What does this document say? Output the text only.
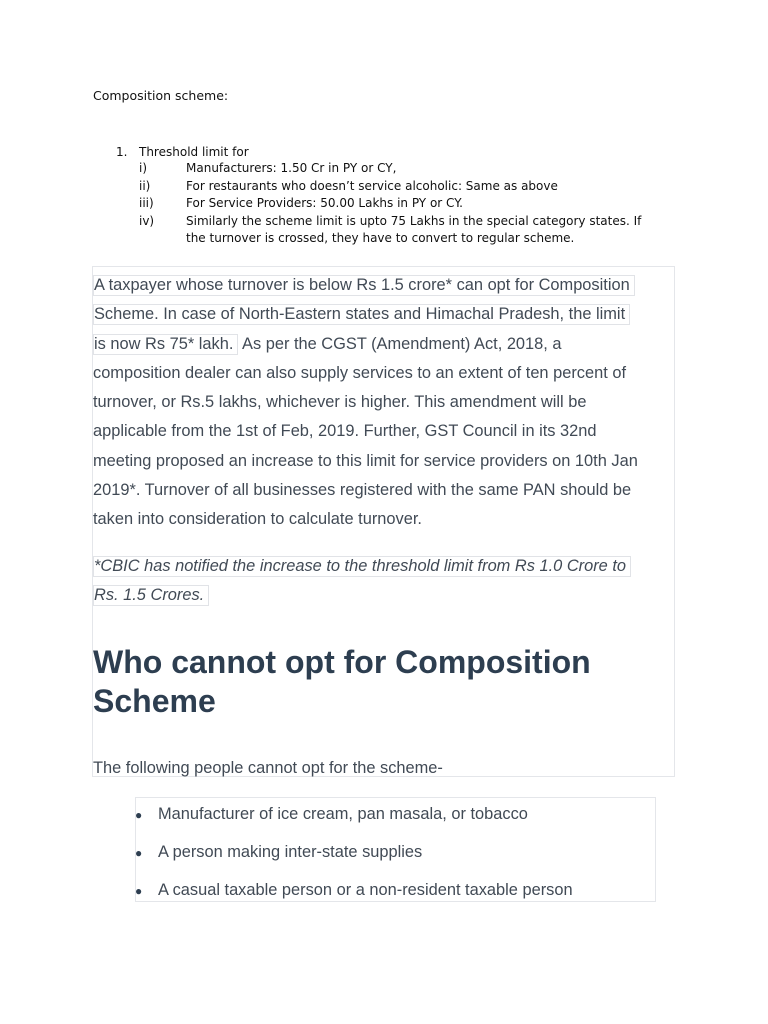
Composition scheme:
1. Threshold limit for
i)	Manufacturers: 1.50 Cr in PY or CY,
ii)	For restaurants who doesn’t service alcoholic: Same as above
iii)	For Service Providers: 50.00 Lakhs in PY or CY.
iv)	Similarly the scheme limit is upto 75 Lakhs in the special category states. If the turnover is crossed, they have to convert to regular scheme.
A taxpayer whose turnover is below Rs 1.5 crore* can opt for Composition
Scheme. In case of North-Eastern states and Himachal Pradesh, the limit
is now Rs 75* lakh. As per the CGST (Amendment) Act, 2018, a
composition dealer can also supply services to an extent of ten percent of
turnover, or Rs.5 lakhs, whichever is higher. This amendment will be
applicable from the 1st of Feb, 2019. Further, GST Council in its 32nd
meeting proposed an increase to this limit for service providers on 10th Jan
2019*. Turnover of all businesses registered with the same PAN should be
taken into consideration to calculate turnover.
*CBIC has notified the increase to the threshold limit from Rs 1.0 Crore to
Rs. 1.5 Crores.
Who cannot opt for Composition
Scheme
The following people cannot opt for the scheme-
● Manufacturer of ice cream, pan masala, or tobacco
● A person making inter-state supplies
● A casual taxable person or a non-resident taxable person
